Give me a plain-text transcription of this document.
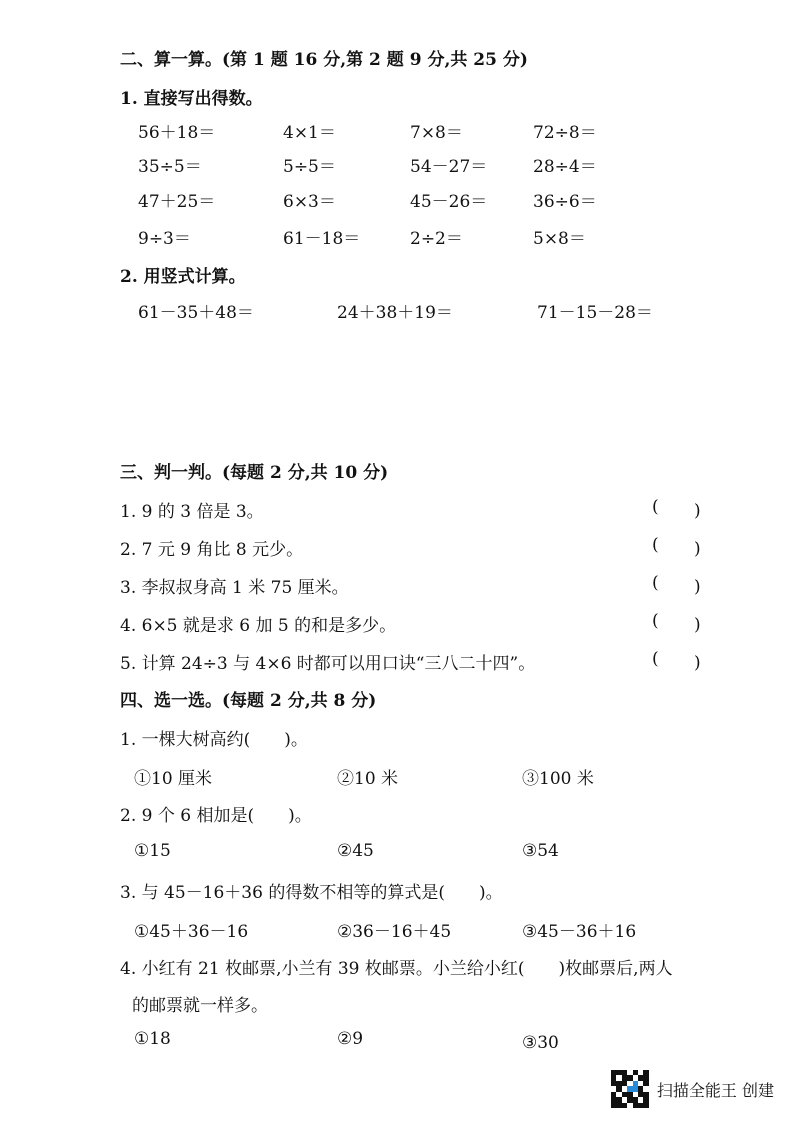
二、算一算。(第 1 题 16 分,第 2 题 9 分,共 25 分)
1. 直接写出得数。
56＋18＝	4×1＝	7×8＝	72÷8＝
35÷5＝	5÷5＝	54－27＝	28÷4＝
47＋25＝	6×3＝	45－26＝	36÷6＝
9÷3＝	61－18＝	2÷2＝	5×8＝
2. 用竖式计算。
61－35＋48＝	24＋38＋19＝	71－15－28＝
三、判一判。(每题 2 分,共 10 分)
1. 9 的 3 倍是 3。	( )
2. 7 元 9 角比 8 元少。	( )
3. 李叔叔身高 1 米 75 厘米。	( )
4. 6×5 就是求 6 加 5 的和是多少。	( )
5. 计算 24÷3 与 4×6 时都可以用口诀“三八二十四”。	( )
四、选一选。(每题 2 分,共 8 分)
1. 一棵大树高约(　　)。
①10 厘米	②10 米	③100 米
2. 9 个 6 相加是(　　)。
①15	②45	③54
3. 与 45－16＋36 的得数不相等的算式是(　　)。
①45＋36－16	②36－16＋45	③45－36＋16
4. 小红有 21 枚邮票,小兰有 39 枚邮票。小兰给小红(　　)枚邮票后,两人
的邮票就一样多。
①18	②9	③30
扫描全能王 创建
